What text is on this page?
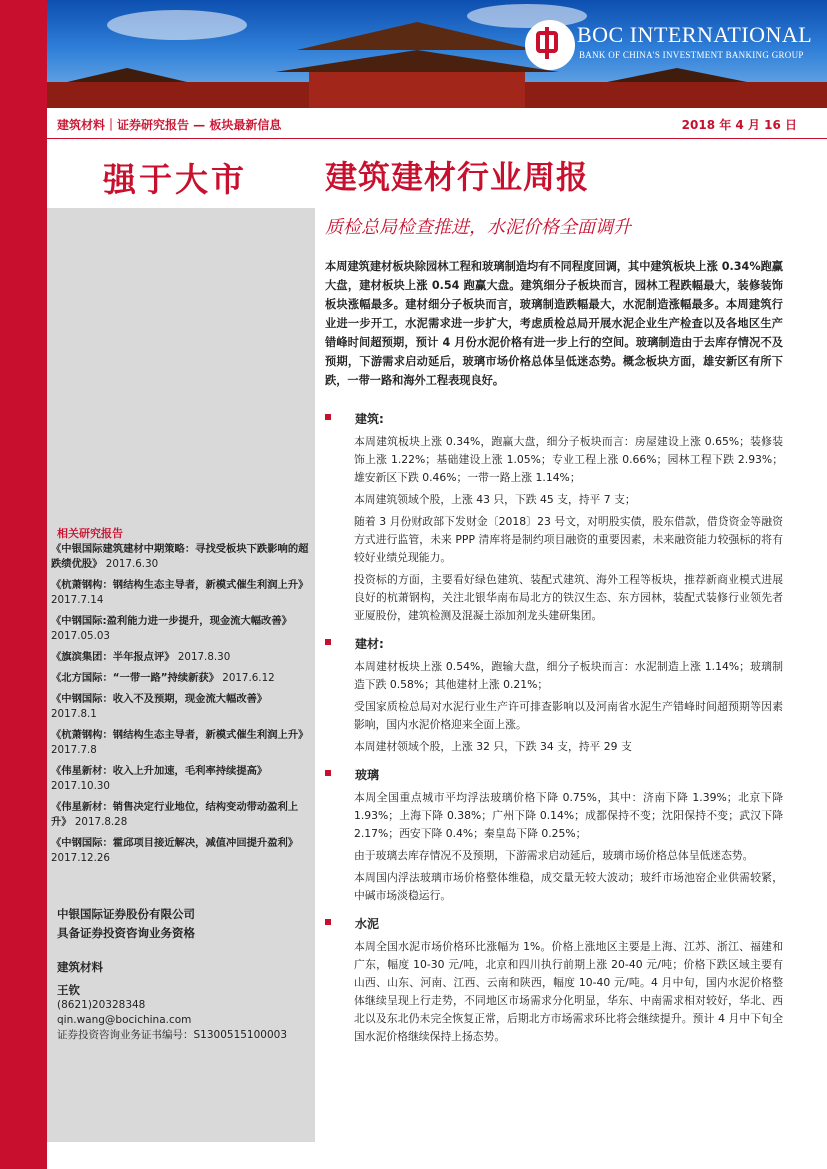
BOC INTERNATIONAL
BANK OF CHINA'S INVESTMENT BANKING GROUP
建筑材料｜证券研究报告 — 板块最新信息	2018 年 4 月 16 日
强于大市
相关研究报告
《中银国际建筑建材中期策略：寻找受板块下跌影响的超跌绩优股》 2017.6.30
《杭萧钢构：钢结构生态主导者，新模式催生利润上升》 2017.7.14
《中钢国际:盈利能力进一步提升，现金流大幅改善》 2017.05.03
《旗滨集团：半年报点评》 2017.8.30
《北方国际：“一带一路”持续新获》 2017.6.12
《中钢国际：收入不及预期，现金流大幅改善》 2017.8.1
《杭萧钢构：钢结构生态主导者，新模式催生利润上升》 2017.7.8
《伟星新材：收入上升加速，毛利率持续提高》 2017.10.30
《伟星新材：销售决定行业地位，结构变动带动盈利上升》 2017.8.28
《中钢国际：霍邱项目接近解决，减值冲回提升盈利》 2017.12.26
中银国际证券股份有限公司
具备证券投资咨询业务资格
建筑材料
王钦
(8621)20328348
qin.wang@bocichina.com
证券投资咨询业务证书编号：S1300515100003
建筑建材行业周报
质检总局检查推进，水泥价格全面调升
本周建筑建材板块除园林工程和玻璃制造均有不同程度回调，其中建筑板块上涨 0.34%跑赢大盘，建材板块上涨 0.54 跑赢大盘。建筑细分子板块而言，园林工程跌幅最大，装修装饰板块涨幅最多。建材细分子板块而言，玻璃制造跌幅最大，水泥制造涨幅最多。本周建筑行业进一步开工，水泥需求进一步扩大，考虑质检总局开展水泥企业生产检查以及各地区生产错峰时间超预期，预计 4 月份水泥价格有进一步上行的空间。玻璃制造由于去库存情况不及预期，下游需求启动延后，玻璃市场价格总体呈低迷态势。概念板块方面，雄安新区有所下跌，一带一路和海外工程表现良好。
建筑:
本周建筑板块上涨 0.34%，跑赢大盘，细分子板块而言：房屋建设上涨 0.65%；装修装饰上涨 1.22%；基础建设上涨 1.05%；专业工程上涨 0.66%；园林工程下跌 2.93%；雄安新区下跌 0.46%；一带一路上涨 1.14%；
本周建筑领域个股，上涨 43 只，下跌 45 支，持平 7 支；
随着 3 月份财政部下发财金〔2018〕23 号文，对明股实债，股东借款，借贷资金等融资方式进行监管，未来 PPP 清库将是制约项目融资的重要因素，未来融资能力较强标的将有较好业绩兑现能力。
投资标的方面，主要看好绿色建筑、装配式建筑、海外工程等板块，推荐新商业模式进展良好的杭萧钢构，关注北银华南布局北方的铁汉生态、东方园林，装配式装修行业领先者亚厦股份，建筑检测及混凝土添加剂龙头建研集团。
建材:
本周建材板块上涨 0.54%，跑输大盘，细分子板块而言：水泥制造上涨 1.14%；玻璃制造下跌 0.58%；其他建材上涨 0.21%；
受国家质检总局对水泥行业生产许可排查影响以及河南省水泥生产错峰时间超预期等因素影响，国内水泥价格迎来全面上涨。
本周建材领域个股，上涨 32 只，下跌 34 支，持平 29 支
玻璃
本周全国重点城市平均浮法玻璃价格下降 0.75%，其中：济南下降 1.39%；北京下降 1.93%；上海下降 0.38%；广州下降 0.14%；成都保持不变；沈阳保持不变；武汉下降 2.17%；西安下降 0.4%；秦皇岛下降 0.25%；
由于玻璃去库存情况不及预期，下游需求启动延后，玻璃市场价格总体呈低迷态势。
本周国内浮法玻璃市场价格整体维稳，成交量无较大波动；玻纤市场池窑企业供需较紧，中碱市场淡稳运行。
水泥
本周全国水泥市场价格环比涨幅为 1%。价格上涨地区主要是上海、江苏、浙江、福建和广东，幅度 10-30 元/吨，北京和四川执行前期上涨 20-40 元/吨；价格下跌区域主要有山西、山东、河南、江西、云南和陕西，幅度 10-40 元/吨。4 月中旬，国内水泥价格整体继续呈现上行走势，不同地区市场需求分化明显，华东、中南需求相对较好，华北、西北以及东北仍未完全恢复正常，后期北方市场需求环比将会继续提升。预计 4 月中下旬全国水泥价格继续保持上扬态势。
